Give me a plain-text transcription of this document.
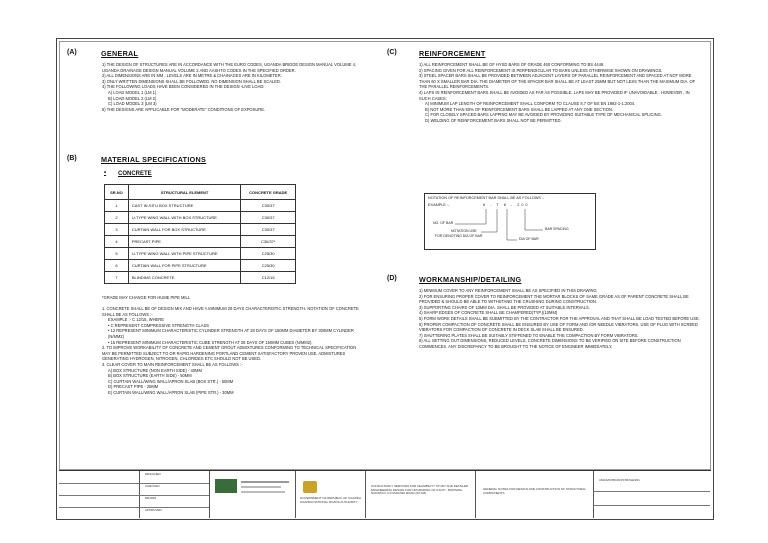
(A)	GENERAL
1) THE DESIGN OF STRUCTURES ARE IN ACCORDANCE WITH THE EURO CODES, UGANDA BRIDGE DESIGN MANUAL VOLUME 4, UGANDA DRAINAGE DESIGN MANUAL VOLUME 2 AND AASHTO CODES IN THE SPECIFIED ORDER.
2) ALL DIMENSIONS ARE IN MM , LEVELS ARE IN METRE & CHAINAGES ARE IN KILOMETER.
3) ONLY WRITTEN DIMENSIONS SHALL BE FOLLOWED. NO DIMENSION SHALL BE SCALED.
4) THE FOLLOWING LOADS HAVE BEEN CONSIDERED IN THE DESIGN -LIVE LOAD:
A) LOAD MODEL 1 (LM 1)
B) LOAD MODEL 2 (LM 2)
C) LOAD MODEL 3 (LM 3)
5) THE DESIGNS ARE APPLICABLE FOR "MODERATE" CONDITIONS OF EXPOSURE.
(B)	MATERIAL SPECIFICATIONS
• CONCRETE
SR.NO	STRUCTURAL ELEMENT	CONCRETE GRADE
1	CAST IN-SITU BOX STRUCTURE	C30/37
2	U-TYPE WING WALL WITH BOX STRUCTURE	C30/37
3	CURTAIN WALL FOR BOX STRUCTURE	C30/37
4	PRECAST PIPE	C30/37*
5	U-TYPE WING WALL WITH PIPE STRUCTURE	C25/30
6	CURTAIN WALL FOR PIPE STRUCTURE	C25/30
7	BLINDING CONCRETE	C12/15
*GRADE MAY CHANGE FOR HUME PIPE MILL
1. CONCRETE SHALL BE OF DESIGN MIX AND HAVE A MINIMUM 28 DAYS CHARACTERISTIC STRENGTH. NOTATION OF CONCRETE SHALL BE AS FOLLOWS :-
EXAMPLE :- C 12/15, WHERE
• C REPRESENT COMPRESSIVE STRENGTH CLASS
• 12 REPRESENT MINIMUM CHARACTERISTIC CYLINDER STRENGTH AT 28 DAYS OF 150MM DIAMETER BY 300MM CYLINDER (N/MM2)
• 15 REPRESENT MINIMUM CHARACTERISTIC CUBE STRENGTH AT 28 DAYS OF 150MM CUBES (N/MM2).
2. TO IMPROVE WORKABILITY OF CONCRETE AND CEMENT GROUT ADMIXTURES CONFORMING TO TECHNICAL SPECIFICATION MAY BE PERMITTED SUBJECT TO OR RAPID HARDENING PORTLAND CEMENT SATISFACTORY PROVEN USE. ADMIXTURES GENERATING HYDROGEN, NITROGEN, CHLORIDES ETC SHOULD NOT BE USED.
3. CLEAR COVER TO MAIN REINFORCEMENT SHALL BE AS FOLLOWS :-
A) BOX STRUCTURE (NON EARTH SIDE) - 40MM
B) BOX STRUCTURE (EARTH SIDE) - 50MM
C) CURTAIN WALL/WING WALL/APRON SLAB (BOX STR.) - 50MM
D) PRECAST PIPE - 25MM
E) CURTAIN WALL/WING WALL/APRON SLAB (PIPE STR.) - 30MM
(C)	REINFORCEMENT
1) ALL REINFORCEMENT SHALL BE OF HYSD BARS OF GRADE 460 CONFORMING TO BS 4449.
2) SPACING GIVEN FOR ALL REINFORCEMENT IS PERPENDICULAR TO BARS UNLESS OTHERWISE SHOWN ON DRAWINGS.
3) STEEL SPACER BARS SHALL BE PROVIDED BETWEEN ADJACENT LAYERS OF PARALLEL REINFORCEMENT AND SPACED AT NOT MORE THAN 60 X SMALLER BAR DIA. THE DIAMETER OF THE SPACER BAR SHALL BE AT LEAST 25MM BUT NOT LESS THAN THE MAXIMUM DIA. OF THE PARALLEL REINFORCEMENTS.
4) LAPS IN REINFORCEMENT BARS SHALL BE AVOIDED AS FAR AS POSSIBLE. LAPS MAY BE PROVIDED IF UNAVOIDABLE . HOWEVER , IN SUCH CASES:
A) MINIMUM LAP LENGTH OF REINFORCEMENT SHALL CONFORM TO CLAUSE 8.7 OF BS EN 1992-1-1:2004.
B) NOT MORE THAN 50% OF REINFORCEMENT BARS SHALL BE LAPPED AT ANY ONE SECTION.
C) FOR CLOSELY SPACED BARS LAPPING MAY BE AVOIDED BY PROVIDING SUITABLE TYPE OF MECHANICAL SPLICING.
D) WELDING OF REINFORCEMENT BARS SHALL NOT BE PERMITTED.
NOTATION OF REINFORCEMENT BAR SHALL BE AS FOLLOWS :-
EXAMPLE :-	6 - T 8 - 200
NO. OF BAR
NOTATION USE
FOR DENOTING DIA OF BAR
DIA OF BAR
BAR SPACING
(D)	WORKMANSHIP/DETAILING
1) MINIMUM COVER TO ANY REINFORCEMENT SHALL BE AS SPECIFIED IN THIS DRAWING
2) FOR ENSURING PROPER COVER TO REINFORCEMENT THE MORTAR BLOCKS OF SAME GRADE AS OF PARENT CONCRETE SHALL BE PROVIDED & SHOULD BE ABLE TO WITHSTAND THE CRUSHING DURING CONSTRUCTION.
3) SUPPORTING CHAIRS OF 10MM DIA. SHALL BE PROVIDED AT SUITABLE INTERVALS.
4) SHARP EDGES OF CONCRETE SHALL BE CHAMFERED(TYP.)(10MM)
5) FORM WORK DETAILS SHALL BE SUBMITTED BY THE CONTRACTOR FOR THE APPROVAL AND THAT SHALL BE LOAD TESTED BEFORE USE.
6) PROPER COMPACTION OF CONCRETE SHALL BE ENSURED BY USE OF FORM AND /OR NEEDLE VIBRATORS. USE OF PLUG WITH SCREED VIBRATORS FOR COMPACTION OF CONCRETE IN DECK SLAB SHALL BE ENSURED.
7) SHUTTERING PLATES SHALL BE SUITABLY STIFFENED TO ENABLE THE COMPACTION BY FORM VIBRATORS.
8) ALL SETTING OUT DIMENSIONS, REDUCED LEVELS, CONCRETE DIMENSIONS TO BE VERIFIED ON SITE BEFORE CONSTRUCTION COMMENCES. ANY DISCREPANCY TO BE BROUGHT TO THE NOTICE OF ENGINEER IMMEDIATELY.
DESIGNED
CHECKED
DRAWN
APPROVED
GOVERNMENT OF REPUBLIC OF UGANDA UGANDA NATIONAL ROADS AUTHORITY
CONSULTANCY SERVICES FOR FEASIBILITY STUDY AND DETAILED ENGINEERING DESIGN FOR UPGRADING OF KAOTI - BUPISWA-NAKAPUO -KYOSOOWA ROAD (60 KM)
GENERAL NOTES FOR DESIGN AND CONSTRUCTION OF STRUCTURAL COMPONENTS
UNRA/KKBK/DD/STR/GEN/01
